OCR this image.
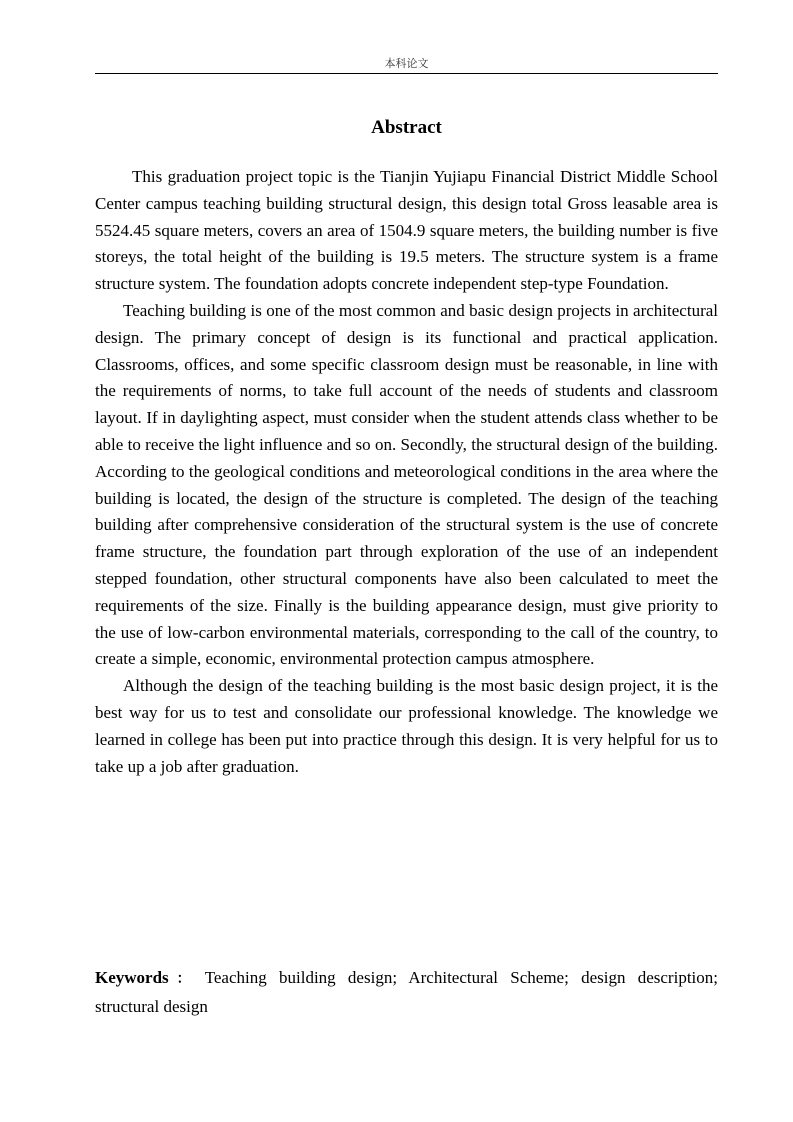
本科论文
Abstract

This graduation project topic is the Tianjin Yujiapu Financial District Middle School Center campus teaching building structural design, this design total Gross leasable area is 5524.45 square meters, covers an area of 1504.9 square meters, the building number is five storeys, the total height of the building is 19.5 meters. The structure system is a frame structure system. The foundation adopts concrete independent step-type Foundation.

Teaching building is one of the most common and basic design projects in architectural design. The primary concept of design is its functional and practical application. Classrooms, offices, and some specific classroom design must be reasonable, in line with the requirements of norms, to take full account of the needs of students and classroom layout. If in daylighting aspect, must consider when the student attends class whether to be able to receive the light influence and so on. Secondly, the structural design of the building. According to the geological conditions and meteorological conditions in the area where the building is located, the design of the structure is completed. The design of the teaching building after comprehensive consideration of the structural system is the use of concrete frame structure, the foundation part through exploration of the use of an independent stepped foundation, other structural components have also been calculated to meet the requirements of the size. Finally is the building appearance design, must give priority to the use of low-carbon environmental materials, corresponding to the call of the country, to create a simple, economic, environmental protection campus atmosphere.

Although the design of the teaching building is the most basic design project, it is the best way for us to test and consolidate our professional knowledge. The knowledge we learned in college has been put into practice through this design. It is very helpful for us to take up a job after graduation.

Keywords： Teaching building design; Architectural Scheme; design description; structural design
